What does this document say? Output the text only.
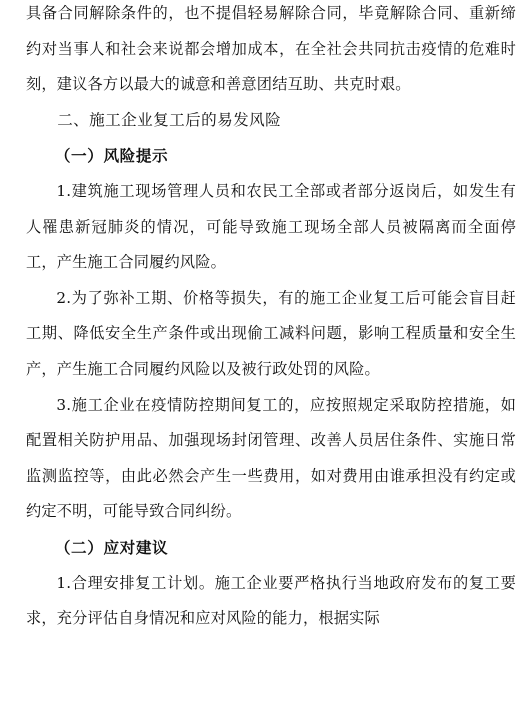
具备合同解除条件的，也不提倡轻易解除合同，毕竟解除合同、重新缔约对当事人和社会来说都会增加成本，在全社会共同抗击疫情的危难时刻，建议各方以最大的诚意和善意团结互助、共克时艰。

二、施工企业复工后的易发风险
（一）风险提示

1.建筑施工现场管理人员和农民工全部或者部分返岗后，如发生有人罹患新冠肺炎的情况，可能导致施工现场全部人员被隔离而全面停工，产生施工合同履约风险。

2.为了弥补工期、价格等损失，有的施工企业复工后可能会盲目赶工期、降低安全生产条件或出现偷工减料问题，影响工程质量和安全生产，产生施工合同履约风险以及被行政处罚的风险。

3.施工企业在疫情防控期间复工的，应按照规定采取防控措施，如配置相关防护用品、加强现场封闭管理、改善人员居住条件、实施日常监测监控等，由此必然会产生一些费用，如对费用由谁承担没有约定或约定不明，可能导致合同纠纷。

（二）应对建议

1.合理安排复工计划。施工企业要严格执行当地政府发布的复工要求，充分评估自身情况和应对风险的能力，根据实际
